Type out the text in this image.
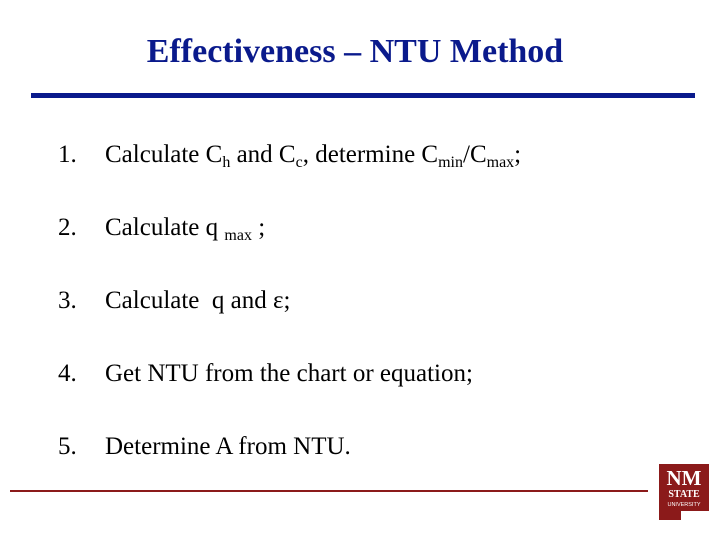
Effectiveness – NTU Method
1. Calculate $C_h$ and $C_c$, determine $C_{min}/C_{max}$;
2. Calculate q $_{max}$ ;
3. Calculate  q and ε;
4. Get NTU from the chart or equation;
5. Determine A from NTU.
NM
STATE
UNIVERSITY
